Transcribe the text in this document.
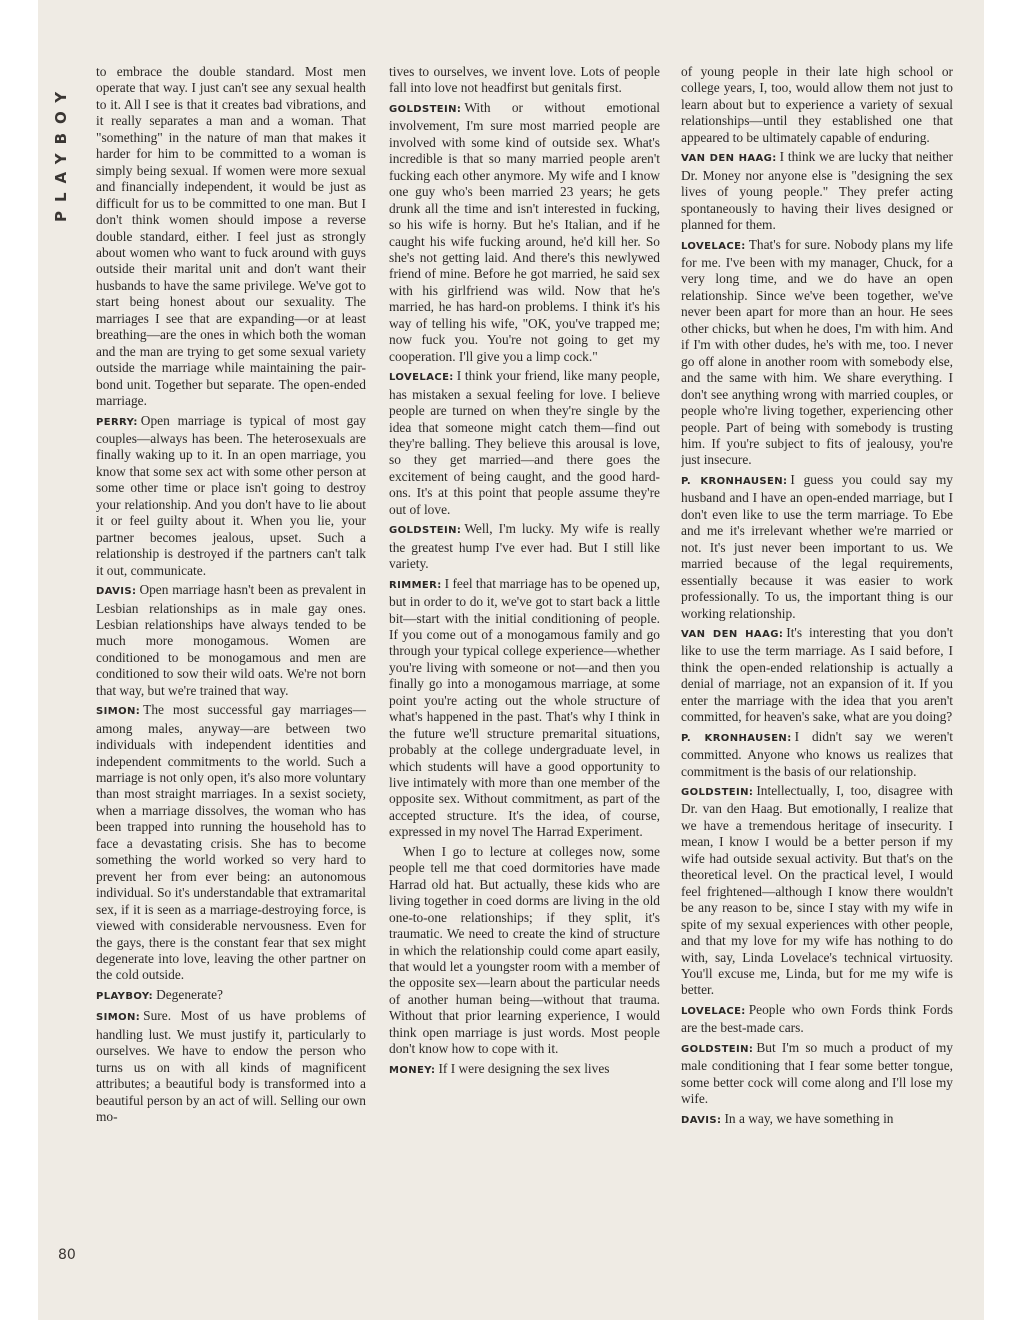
PLAYBOY

to embrace the double standard. Most men operate that way. I just can't see any sexual health to it. All I see is that it creates bad vibrations, and it really separates a man and a woman. That "something" in the nature of man that makes it harder for him to be committed to a woman is simply being sexual. If women were more sexual and financially independent, it would be just as difficult for us to be committed to one man. But I don't think women should impose a reverse double standard, either. I feel just as strongly about women who want to fuck around with guys outside their marital unit and don't want their husbands to have the same privilege. We've got to start being honest about our sexuality. The marriages I see that are expanding—or at least breathing—are the ones in which both the woman and the man are trying to get some sexual variety outside the marriage while maintaining the pair-bond unit. Together but separate. The open-ended marriage.

PERRY: Open marriage is typical of most gay couples—always has been. The heterosexuals are finally waking up to it. In an open marriage, you know that some sex act with some other person at some other time or place isn't going to destroy your relationship. And you don't have to lie about it or feel guilty about it. When you lie, your partner becomes jealous, upset. Such a relationship is destroyed if the partners can't talk it out, communicate.

DAVIS: Open marriage hasn't been as prevalent in Lesbian relationships as in male gay ones. Lesbian relationships have always tended to be much more monogamous. Women are conditioned to be monogamous and men are conditioned to sow their wild oats. We're not born that way, but we're trained that way.

SIMON: The most successful gay marriages—among males, anyway—are between two individuals with independent identities and independent commitments to the world. Such a marriage is not only open, it's also more voluntary than most straight marriages. In a sexist society, when a marriage dissolves, the woman who has been trapped into running the household has to face a devastating crisis. She has to become something the world worked so very hard to prevent her from ever being: an autonomous individual. So it's understandable that extramarital sex, if it is seen as a marriage-destroying force, is viewed with considerable nervousness. Even for the gays, there is the constant fear that sex might degenerate into love, leaving the other partner on the cold outside.

PLAYBOY: Degenerate?

SIMON: Sure. Most of us have problems of handling lust. We must justify it, particularly to ourselves. We have to endow the person who turns us on with all kinds of magnificent attributes; a beautiful body is transformed into a beautiful person by an act of will. Selling our own mo-

tives to ourselves, we invent love. Lots of people fall into love not headfirst but genitals first.

GOLDSTEIN: With or without emotional involvement, I'm sure most married people are involved with some kind of outside sex. What's incredible is that so many married people aren't fucking each other anymore. My wife and I know one guy who's been married 23 years; he gets drunk all the time and isn't interested in fucking, so his wife is horny. But he's Italian, and if he caught his wife fucking around, he'd kill her. So she's not getting laid. And there's this newlywed friend of mine. Before he got married, he said sex with his girlfriend was wild. Now that he's married, he has hard-on problems. I think it's his way of telling his wife, "OK, you've trapped me; now fuck you. You're not going to get my cooperation. I'll give you a limp cock."

LOVELACE: I think your friend, like many people, has mistaken a sexual feeling for love. I believe people are turned on when they're single by the idea that someone might catch them—find out they're balling. They believe this arousal is love, so they get married—and there goes the excitement of being caught, and the good hard-ons. It's at this point that people assume they're out of love.

GOLDSTEIN: Well, I'm lucky. My wife is really the greatest hump I've ever had. But I still like variety.

RIMMER: I feel that marriage has to be opened up, but in order to do it, we've got to start back a little bit—start with the initial conditioning of people. If you come out of a monogamous family and go through your typical college experience—whether you're living with someone or not—and then you finally go into a monogamous marriage, at some point you're acting out the whole structure of what's happened in the past. That's why I think in the future we'll structure premarital situations, probably at the college undergraduate level, in which students will have a good opportunity to live intimately with more than one member of the opposite sex. Without commitment, as part of the accepted structure. It's the idea, of course, expressed in my novel The Harrad Experiment.

When I go to lecture at colleges now, some people tell me that coed dormitories have made Harrad old hat. But actually, these kids who are living together in coed dorms are living in the old one-to-one relationships; if they split, it's traumatic. We need to create the kind of structure in which the relationship could come apart easily, that would let a youngster room with a member of the opposite sex—learn about the particular needs of another human being—without that trauma. Without that prior learning experience, I would think open marriage is just words. Most people don't know how to cope with it.

MONEY: If I were designing the sex lives

of young people in their late high school or college years, I, too, would allow them not just to learn about but to experience a variety of sexual relationships—until they established one that appeared to be ultimately capable of enduring.

VAN DEN HAAG: I think we are lucky that neither Dr. Money nor anyone else is "designing the sex lives of young people." They prefer acting spontaneously to having their lives designed or planned for them.

LOVELACE: That's for sure. Nobody plans my life for me. I've been with my manager, Chuck, for a very long time, and we do have an open relationship. Since we've been together, we've never been apart for more than an hour. He sees other chicks, but when he does, I'm with him. And if I'm with other dudes, he's with me, too. I never go off alone in another room with somebody else, and the same with him. We share everything. I don't see anything wrong with married couples, or people who're living together, experiencing other people. Part of being with somebody is trusting him. If you're subject to fits of jealousy, you're just insecure.

P. KRONHAUSEN: I guess you could say my husband and I have an open-ended marriage, but I don't even like to use the term marriage. To Ebe and me it's irrelevant whether we're married or not. It's just never been important to us. We married because of the legal requirements, essentially because it was easier to work professionally. To us, the important thing is our working relationship.

VAN DEN HAAG: It's interesting that you don't like to use the term marriage. As I said before, I think the open-ended relationship is actually a denial of marriage, not an expansion of it. If you enter the marriage with the idea that you aren't committed, for heaven's sake, what are you doing?

P. KRONHAUSEN: I didn't say we weren't committed. Anyone who knows us realizes that commitment is the basis of our relationship.

GOLDSTEIN: Intellectually, I, too, disagree with Dr. van den Haag. But emotionally, I realize that we have a tremendous heritage of insecurity. I mean, I know I would be a better person if my wife had outside sexual activity. But that's on the theoretical level. On the practical level, I would feel frightened—although I know there wouldn't be any reason to be, since I stay with my wife in spite of my sexual experiences with other people, and that my love for my wife has nothing to do with, say, Linda Lovelace's technical virtuosity. You'll excuse me, Linda, but for me my wife is better.

LOVELACE: People who own Fords think Fords are the best-made cars.

GOLDSTEIN: But I'm so much a product of my male conditioning that I fear some better tongue, some better cock will come along and I'll lose my wife.

DAVIS: In a way, we have something in

80
